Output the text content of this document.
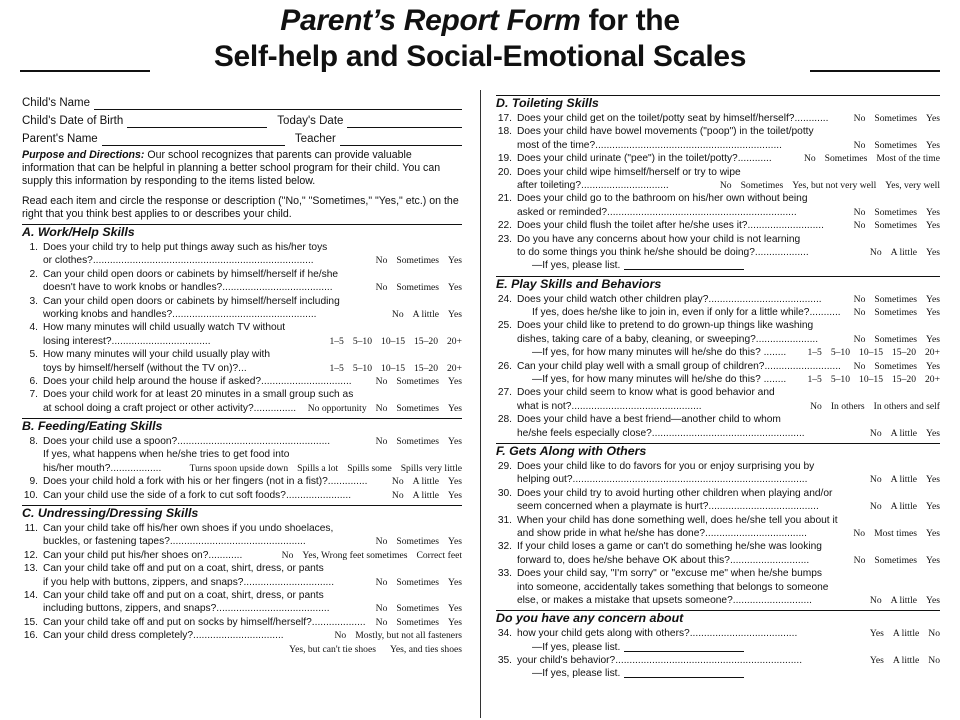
Parent’s Report Form for the
Self-help and Social-Emotional Scales
Child's Name
Child's Date of Birth	Today's Date
Parent's Name	Teacher
Purpose and Directions: Our school recognizes that parents can provide valuable information that can be helpful in planning a better school program for their child. You can supply this information by responding to the items listed below.
Read each item and circle the response or description ("No," "Sometimes," "Yes," etc.) on the right that you think best applies to or describes your child.
A. Work/Help Skills
1. Does your child try to help put things away such as his/her toys
or clothes?..............................................................................	No Sometimes Yes
2. Can your child open doors or cabinets by himself/herself if he/she
doesn't have to work knobs or handles?.......................................	No Sometimes Yes
3. Can your child open doors or cabinets by himself/herself including
working knobs and handles?...................................................	No A little Yes
4. How many minutes will child usually watch TV without
losing interest?...................................	1–5 5–10 10–15 15–20 20+
5. How many minutes will your child usually play with
toys by himself/herself (without the TV on)?...	1–5 5–10 10–15 15–20 20+
6. Does your child help around the house if asked?................................	No Sometimes Yes
7. Does your child work for at least 20 minutes in a small group such as
at school doing a craft project or other activity?...............	No opportunity No Sometimes Yes
B. Feeding/Eating Skills
8. Does your child use a spoon?......................................................	No Sometimes Yes
If yes, what happens when he/she tries to get food into
his/her mouth?..................	Turns spoon upside down Spills a lot Spills some Spills very little
9. Does your child hold a fork with his or her fingers (not in a fist)?..............	No A little Yes
10. Can your child use the side of a fork to cut soft foods?.......................	No A little Yes
C. Undressing/Dressing Skills
11. Can your child take off his/her own shoes if you undo shoelaces,
buckles, or fastening tapes?................................................	No Sometimes Yes
12. Can your child put his/her shoes on?............	No Yes, Wrong feet sometimes Correct feet
13. Can your child take off and put on a coat, shirt, dress, or pants
if you help with buttons, zippers, and snaps?................................	No Sometimes Yes
14. Can your child take off and put on a coat, shirt, dress, or pants
including buttons, zippers, and snaps?........................................	No Sometimes Yes
15. Can your child take off and put on socks by himself/herself?...................	No Sometimes Yes
16. Can your child dress completely?................................	No Mostly, but not all fasteners
Yes, but can't tie shoes Yes, and ties shoes
D. Toileting Skills
17. Does your child get on the toilet/potty seat by himself/herself?............	No Sometimes Yes
18. Does your child have bowel movements ("poop") in the toilet/potty
most of the time?..................................................................	No Sometimes Yes
19. Does your child urinate ("pee") in the toilet/potty?............	No Sometimes Most of the time
20. Does your child wipe himself/herself or try to wipe
after toileting?...............................	No Sometimes Yes, but not very well Yes, very well
21. Does your child go to the bathroom on his/her own without being
asked or reminded?...................................................................	No Sometimes Yes
22. Does your child flush the toilet after he/she uses it?...........................	No Sometimes Yes
23. Do you have any concerns about how your child is not learning
to do some things you think he/she should be doing?...................	No A little Yes
—If yes, please list.
E. Play Skills and Behaviors
24. Does your child watch other children play?........................................	No Sometimes Yes
If yes, does he/she like to join in, even if only for a little while?...........	No Sometimes Yes
25. Does your child like to pretend to do grown-up things like washing
dishes, taking care of a baby, cleaning, or sweeping?......................	No Sometimes Yes
—If yes, for how many minutes will he/she do this? ........	1–5 5–10 10–15 15–20 20+
26. Can your child play well with a small group of children?...........................	No Sometimes Yes
—If yes, for how many minutes will he/she do this? ........	1–5 5–10 10–15 15–20 20+
27. Does your child seem to know what is good behavior and
what is not?..............................................	No In others In others and self
28. Does your child have a best friend—another child to whom
he/she feels especially close?......................................................	No A little Yes
F. Gets Along with Others
29. Does your child like to do favors for you or enjoy surprising you by
helping out?...................................................................................	No A little Yes
30. Does your child try to avoid hurting other children when playing and/or
seem concerned when a playmate is hurt?.......................................	No A little Yes
31. When your child has done something well, does he/she tell you about it
and show pride in what he/she has done?....................................	No Most times Yes
32. If your child loses a game or can't do something he/she was looking
forward to, does he/she behave OK about this?............................	No Sometimes Yes
33. Does your child say, "I'm sorry" or "excuse me" when he/she bumps
into someone, accidentally takes something that belongs to someone
else, or makes a mistake that upsets someone?............................	No A little Yes
Do you have any concern about
34. how your child gets along with others?......................................	Yes A little No
—If yes, please list.
35. your child's behavior?..................................................................	Yes A little No
—If yes, please list.
